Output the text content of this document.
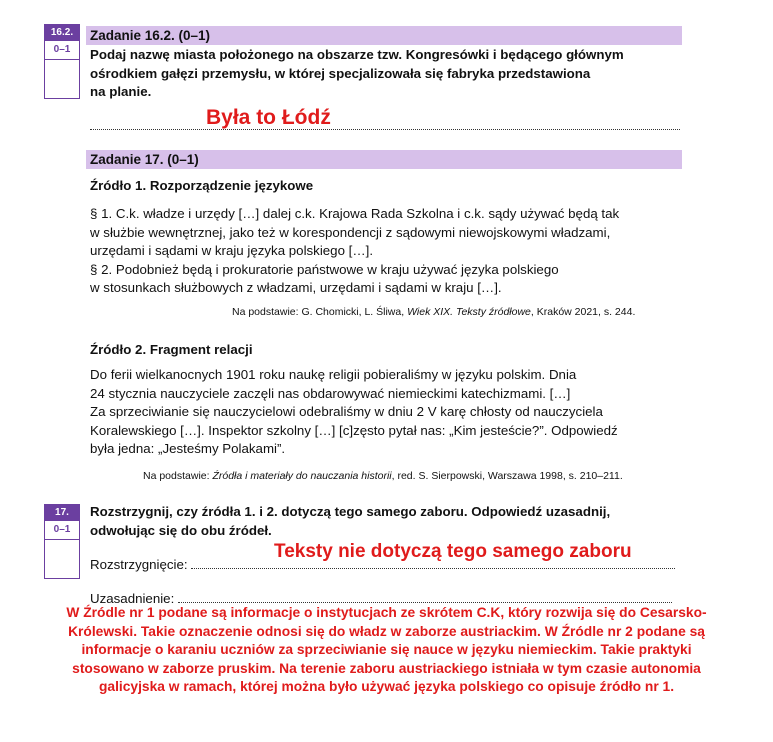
16.2.
0–1
Zadanie 16.2. (0–1)
Podaj nazwę miasta położonego na obszarze tzw. Kongresówki i będącego głównym
ośrodkiem gałęzi przemysłu, w której specjalizowała się fabryka przedstawiona
na planie.
Była to Łódź
Zadanie 17. (0–1)
Źródło 1. Rozporządzenie językowe
§ 1. C.k. władze i urzędy […] dalej c.k. Krajowa Rada Szkolna i c.k. sądy używać będą tak
w służbie wewnętrznej, jako też w korespondencji z sądowymi niewojskowymi władzami,
urzędami i sądami w kraju języka polskiego […].
§ 2. Podobnież będą i prokuratorie państwowe w kraju używać języka polskiego
w stosunkach służbowych z władzami, urzędami i sądami w kraju […].
Na podstawie: G. Chomicki, L. Śliwa, Wiek XIX. Teksty źródłowe, Kraków 2021, s. 244.
Źródło 2. Fragment relacji
Do ferii wielkanocnych 1901 roku naukę religii pobieraliśmy w języku polskim. Dnia
24 stycznia nauczyciele zaczęli nas obdarowywać niemieckimi katechizmami. […]
Za sprzeciwianie się nauczycielowi odebraliśmy w dniu 2 V karę chłosty od nauczyciela
Koralewskiego […]. Inspektor szkolny […] [c]zęsto pytał nas: „Kim jesteście?”. Odpowiedź
była jedna: „Jesteśmy Polakami”.
Na podstawie: Źródła i materiały do nauczania historii, red. S. Sierpowski, Warszawa 1998, s. 210–211.
17.
0–1
Rozstrzygnij, czy źródła 1. i 2. dotyczą tego samego zaboru. Odpowiedź uzasadnij,
odwołując się do obu źródeł.
Teksty nie dotyczą tego samego zaboru
Rozstrzygnięcie:
Uzasadnienie:
W Źródle nr 1 podane są informacje o instytucjach ze skrótem C.K, który rozwija się do Cesarsko-
Królewski. Takie oznaczenie odnosi się do władz w zaborze austriackim. W Źródle nr 2 podane są
informacje o karaniu uczniów za sprzeciwianie się nauce w języku niemieckim. Takie praktyki
stosowano w zaborze pruskim. Na terenie zaboru austriackiego istniała w tym czasie autonomia
galicyjska w ramach, której można było używać języka polskiego co opisuje źródło nr 1.
